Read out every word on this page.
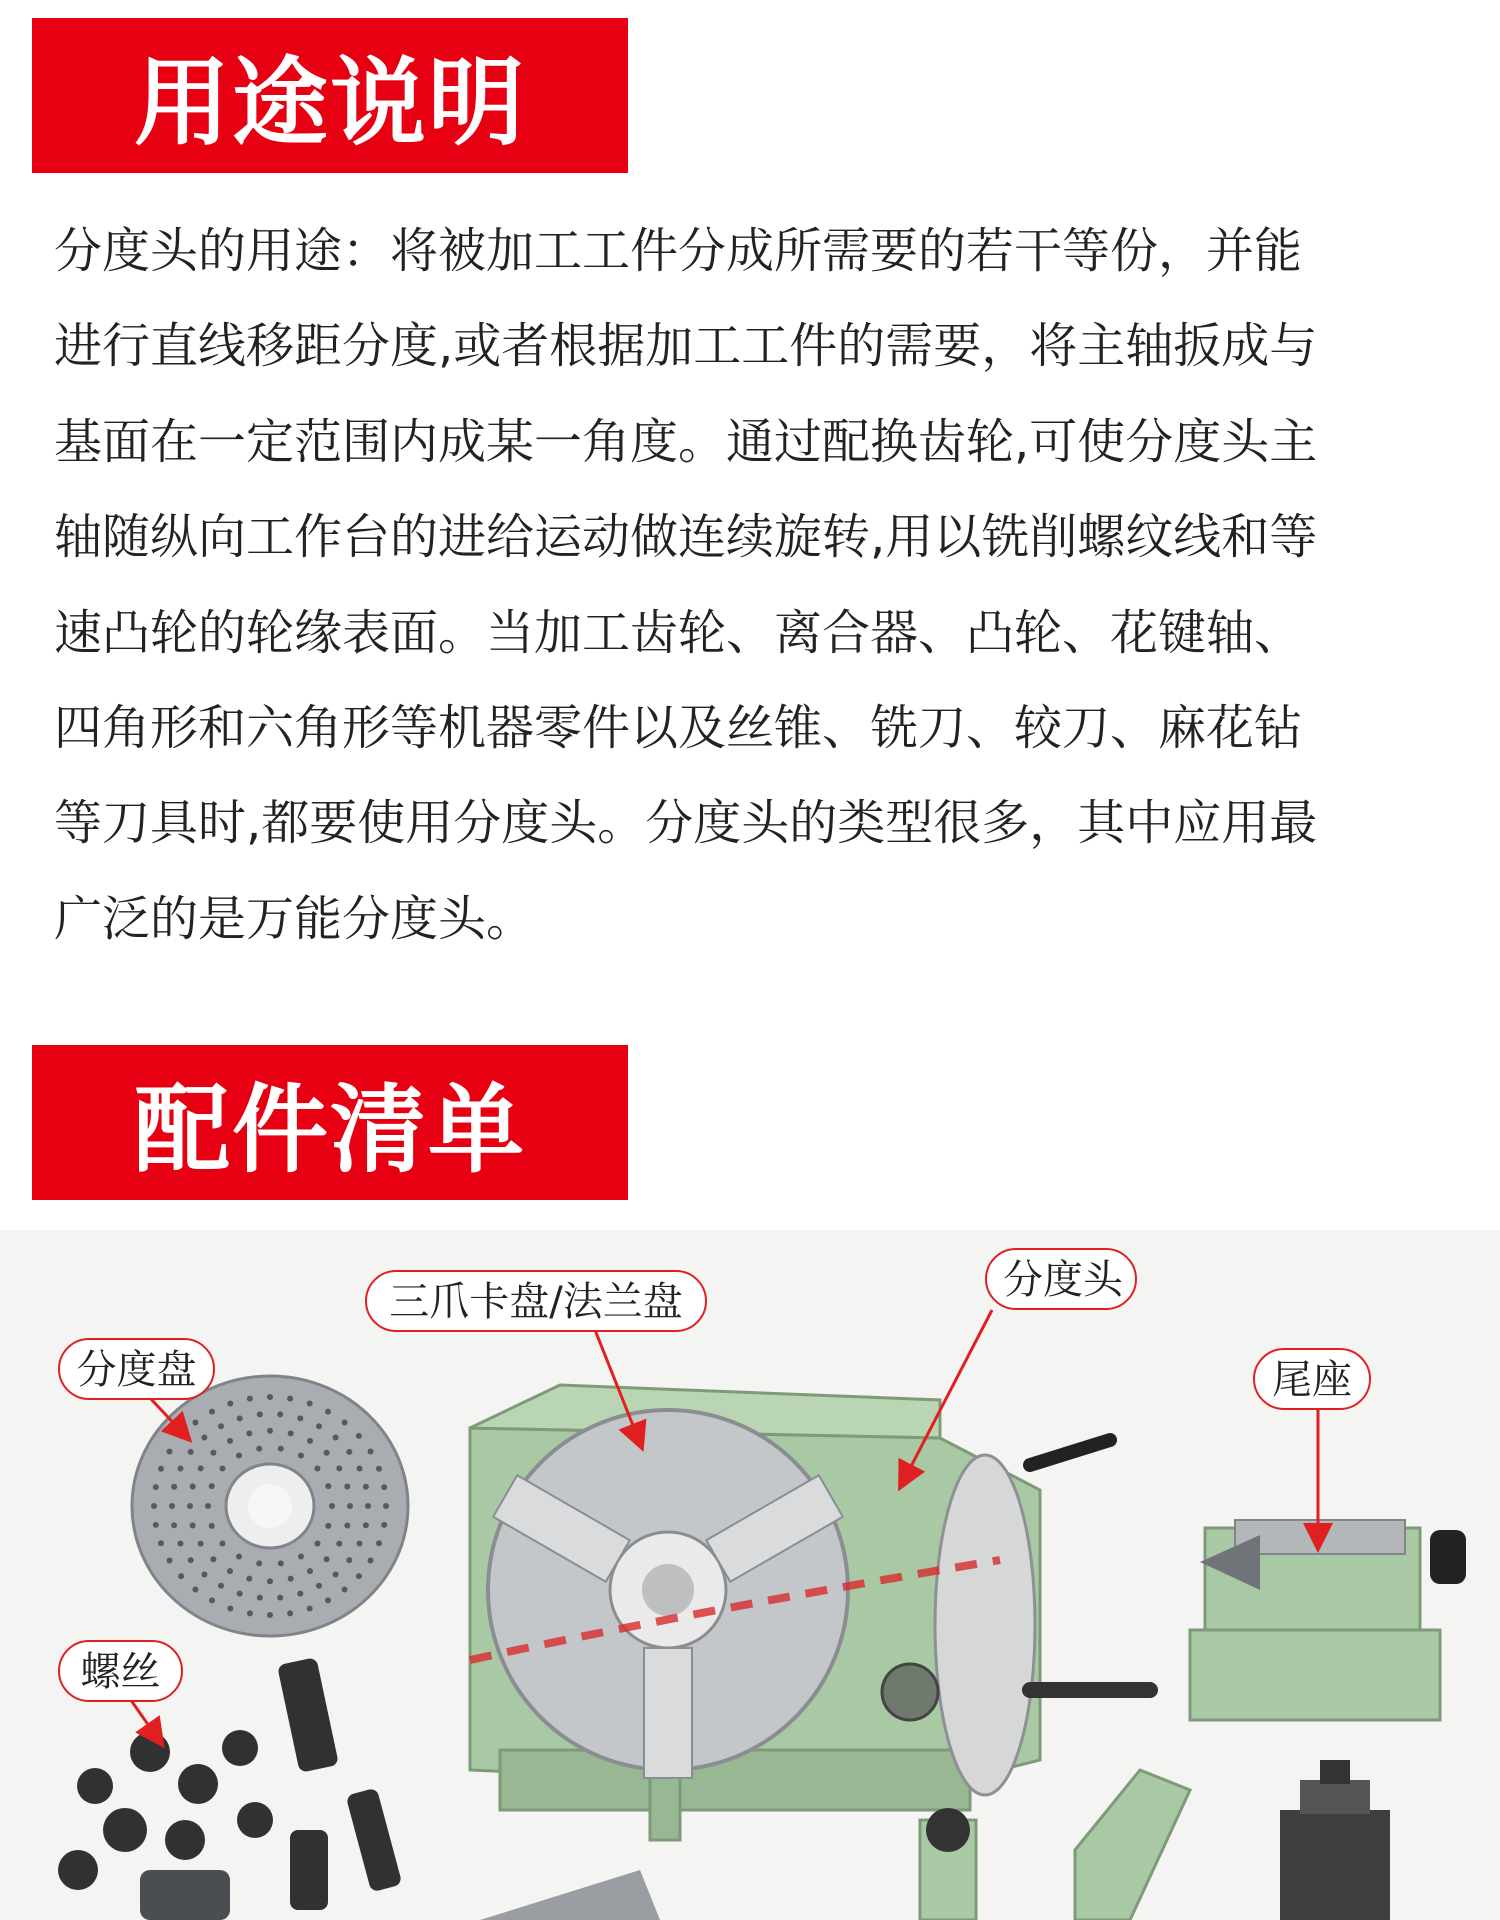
用途说明

分度头的用途：将被加工工件分成所需要的若干等份，并能
进行直线移距分度,或者根据加工工件的需要，将主轴扳成与
基面在一定范围内成某一角度。通过配换齿轮,可使分度头主
轴随纵向工作台的进给运动做连续旋转,用以铣削螺纹线和等
速凸轮的轮缘表面。当加工齿轮、离合器、凸轮、花键轴、
四角形和六角形等机器零件以及丝锥、铣刀、较刀、麻花钻
等刀具时,都要使用分度头。分度头的类型很多，其中应用最
广泛的是万能分度头。

配件清单
三爪卡盘/法兰盘	分度头
分度盘	尾座
螺丝
